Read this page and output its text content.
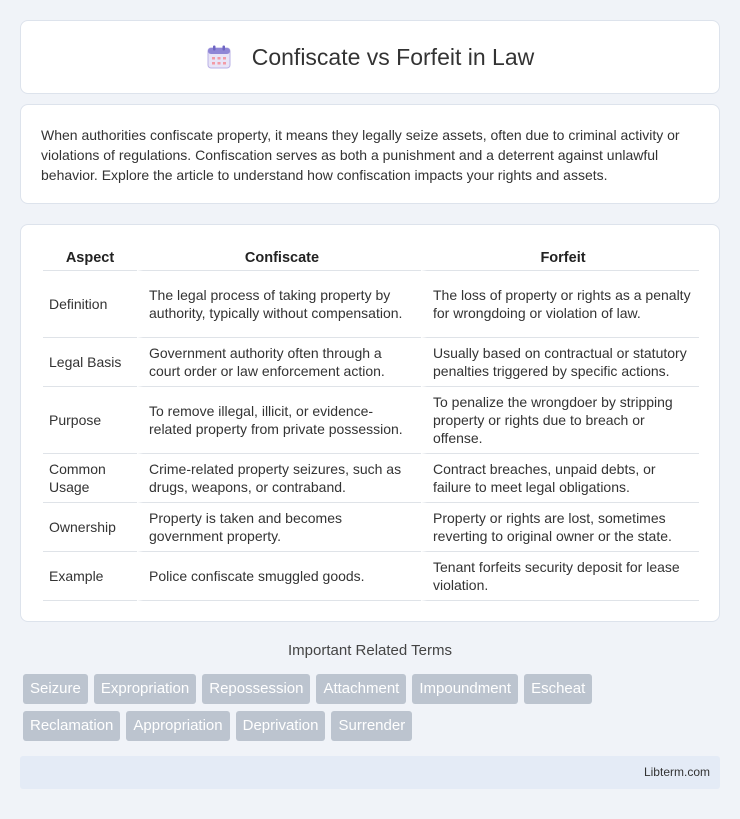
Confiscate vs Forfeit in Law

When authorities confiscate property, it means they legally seize assets, often due to criminal activity or violations of regulations. Confiscation serves as both a punishment and a deterrent against unlawful behavior. Explore the article to understand how confiscation impacts your rights and assets.

Aspect	Confiscate	Forfeit
Definition	The legal process of taking property by authority, typically without compensation.	The loss of property or rights as a penalty for wrongdoing or violation of law.
Legal Basis	Government authority often through a court order or law enforcement action.	Usually based on contractual or statutory penalties triggered by specific actions.
Purpose	To remove illegal, illicit, or evidence-related property from private possession.	To penalize the wrongdoer by stripping property or rights due to breach or offense.
Common Usage	Crime-related property seizures, such as drugs, weapons, or contraband.	Contract breaches, unpaid debts, or failure to meet legal obligations.
Ownership	Property is taken and becomes government property.	Property or rights are lost, sometimes reverting to original owner or the state.
Example	Police confiscate smuggled goods.	Tenant forfeits security deposit for lease violation.
Important Related Terms
Seizure Expropriation Repossession Attachment Impoundment Escheat
Reclamation Appropriation Deprivation Surrender
Libterm.com
